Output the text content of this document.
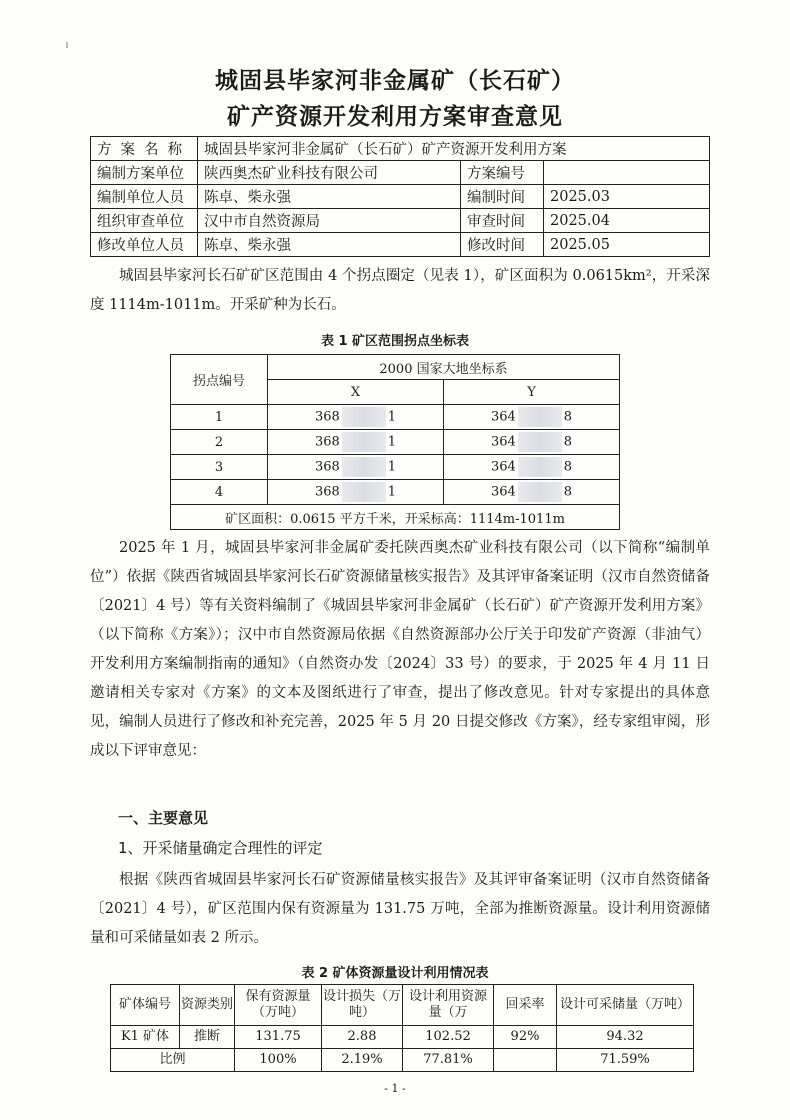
城固县毕家河非金属矿（长石矿）
矿产资源开发利用方案审查意见
方案名称	城固县毕家河非金属矿（长石矿）矿产资源开发利用方案		
编制方案单位	陕西奥杰矿业科技有限公司	方案编号	
编制单位人员	陈卓、柴永强	编制时间	2025.03
组织审查单位	汉中市自然资源局	审查时间	2025.04
修改单位人员	陈卓、柴永强	修改时间	2025.05

城固县毕家河长石矿矿区范围由 4 个拐点圈定（见表 1），矿区面积为 0.0615km²，开采深度 1114m-1011m。开采矿种为长石。

表 1 矿区范围拐点坐标表
拐点编号	2000 国家大地坐标系	
	X	Y
1	368 1	364 8
2	368 1	364 8
3	368 1	364 8
4	368 1	364 8
矿区面积：0.0615 平方千米，开采标高：1114m-1011m		

2025 年 1 月，城固县毕家河非金属矿委托陕西奥杰矿业科技有限公司（以下简称“编制单位”）依据《陕西省城固县毕家河长石矿资源储量核实报告》及其评审备案证明（汉市自然资储备〔2021〕4 号）等有关资料编制了《城固县毕家河非金属矿（长石矿）矿产资源开发利用方案》（以下简称《方案》）；汉中市自然资源局依据《自然资源部办公厅关于印发矿产资源（非油气）开发利用方案编制指南的通知》（自然资办发〔2024〕33 号）的要求，于 2025 年 4 月 11 日邀请相关专家对《方案》的文本及图纸进行了审查，提出了修改意见。针对专家提出的具体意见，编制人员进行了修改和补充完善，2025 年 5 月 20 日提交修改《方案》，经专家组审阅，形成以下评审意见：

一、主要意见
1、开采储量确定合理性的评定

根据《陕西省城固县毕家河长石矿资源储量核实报告》及其评审备案证明（汉市自然资储备〔2021〕4 号），矿区范围内保有资源量为 131.75 万吨，全部为推断资源量。设计利用资源储量和可采储量如表 2 所示。

表 2 矿体资源量设计利用情况表
矿体编号	资源类别	保有资源量（万吨）	设计损失（万吨）	设计利用资源量（万	回采率	设计可采储量（万吨）
K1 矿体	推断	131.75	2.88	102.52	92%	94.32
比例		100%	2.19%	77.81%		71.59%
- 1 -
